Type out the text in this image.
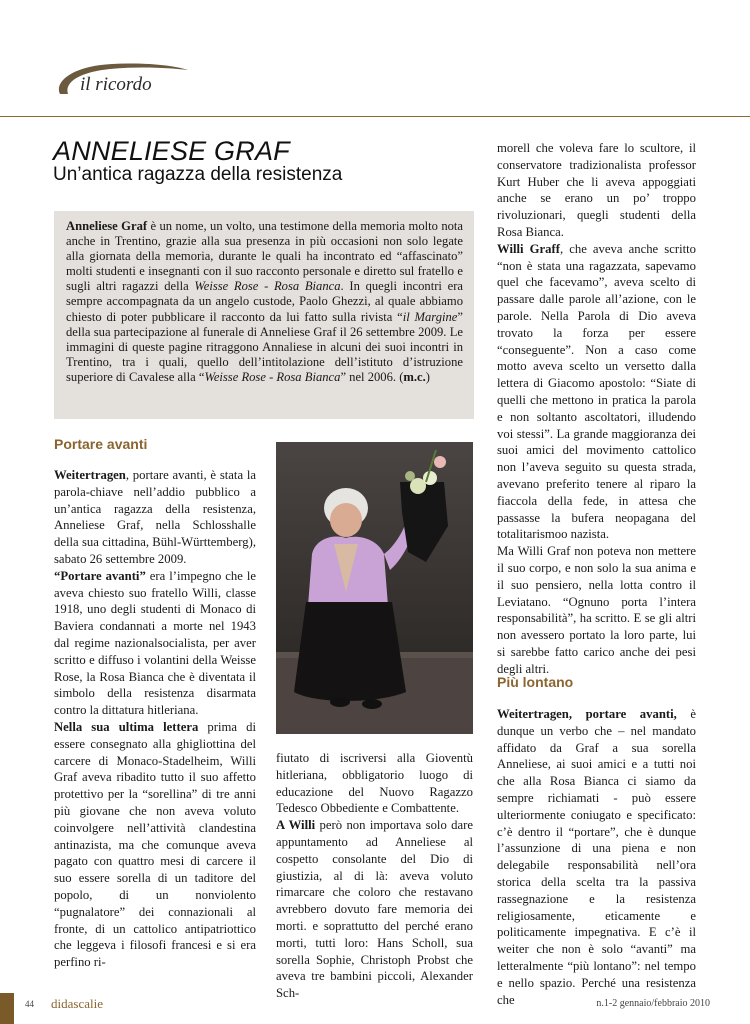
il ricordo
ANNELIESE GRAF
Un’antica ragazza della resistenza

Anneliese Graf è un nome, un volto, una testimone della memoria molto nota anche in Trentino, grazie alla sua presenza in più occasioni non solo legate alla giornata della memoria, durante le quali ha incontrato ed “affascinato” molti studenti e insegnanti con il suo racconto personale e diretto sul fratello e sugli altri ragazzi della Weisse Rose - Rosa Bianca. In quegli incontri era sempre accompagnata da un angelo custode, Paolo Ghezzi, al quale abbiamo chiesto di poter pubblicare il racconto da lui fatto sulla rivista “il Margine” della sua partecipazione al funerale di Anneliese Graf il 26 settembre 2009. Le immagini di queste pagine ritraggono Annaliese in alcuni dei suoi incontri in Trentino, tra i quali, quello dell’intitolazione dell’istituto d’istruzione superiore di Cavalese alla “Weisse Rose - Rosa Bianca” nel 2006. (m.c.)

Portare avanti

Weitertragen, portare avanti, è stata la parola-chiave nell’addio pubblico a un’antica ragazza della resistenza, Anneliese Graf, nella Schlosshalle della sua cittadina, Bühl-Württemberg), sabato 26 settembre 2009.

“Portare avanti” era l’impegno che le aveva chiesto suo fratello Willi, classe 1918, uno degli studenti di Monaco di Baviera condannati a morte nel 1943 dal regime nazionalsocialista, per aver scritto e diffuso i volantini della Weisse Rose, la Rosa Bianca che è diventata il simbolo della resistenza disarmata contro la dittatura hitleriana.

Nella sua ultima lettera prima di essere consegnato alla ghigliottina del carcere di Monaco-Stadelheim, Willi Graf aveva ribadito tutto il suo affetto protettivo per la “sorellina” di tre anni più giovane che non aveva voluto coinvolgere nell’attività clandestina antinazista, ma che comunque aveva pagato con quattro mesi di carcere il suo essere sorella di un taditore del popolo, di un nonviolento “pugnalatore” dei connazionali al fronte, di un cattolico antipatriottico che leggeva i filosofi francesi e si era perfino ri-

fiutato di iscriversi alla Gioventù hitleriana, obbligatorio luogo di educazione del Nuovo Ragazzo Tedesco Obbediente e Combattente.

A Willi però non importava solo dare appuntamento ad Anneliese al cospetto consolante del Dio di giustizia, al di là: aveva voluto rimarcare che coloro che restavano avrebbero dovuto fare memoria dei morti. e soprattutto del perché erano morti, tutti loro: Hans Scholl, sua sorella Sophie, Christoph Probst che aveva tre bambini piccoli, Alexander Sch-

morell che voleva fare lo scultore, il conservatore tradizionalista professor Kurt Huber che li aveva appoggiati anche se erano un po’ troppo rivoluzionari, quegli studenti della Rosa Bianca.

Willi Graff, che aveva anche scritto “non è stata una ragazzata, sapevamo quel che facevamo”, aveva scelto di passare dalle parole all’azione, con le parole. Nella Parola di Dio aveva trovato la forza per essere “conseguente”. Non a caso come motto aveva scelto un versetto dalla lettera di Giacomo apostolo: “Siate di quelli che mettono in pratica la parola e non soltanto ascoltatori, illudendo voi stessi”. La grande maggioranza dei suoi amici del movimento cattolico non l’aveva seguito su questa strada, avevano preferito tenere al riparo la fiaccola della fede, in attesa che passasse la bufera neopagana del totalitarismoo nazista.

Ma Willi Graf non poteva non mettere il suo corpo, e non solo la sua anima e il suo pensiero, nella lotta contro il Leviatano. “Ognuno porta l’intera responsabilità”, ha scritto. E se gli altri non avessero portato la loro parte, lui si sarebbe fatto carico anche dei pesi degli altri.

Più lontano

Weitertragen, portare avanti, è dunque un verbo che – nel mandato affidato da Graf a sua sorella Anneliese, ai suoi amici e a tutti noi che alla Rosa Bianca ci siamo da sempre richiamati - può essere ulteriormente coniugato e specificato: c’è dentro il “portare”, che è dunque l’assunzione di una piena e non delegabile responsabilità nell’ora storica della scelta tra la passiva rassegnazione e la resistenza religiosamente, eticamente e politicamente impegnativa. E c’è il weiter che non è solo “avanti” ma letteralmente “più lontano”: nel tempo e nello spazio. Perché una resistenza che

44 didascalie	n.1-2 gennaio/febbraio 2010
